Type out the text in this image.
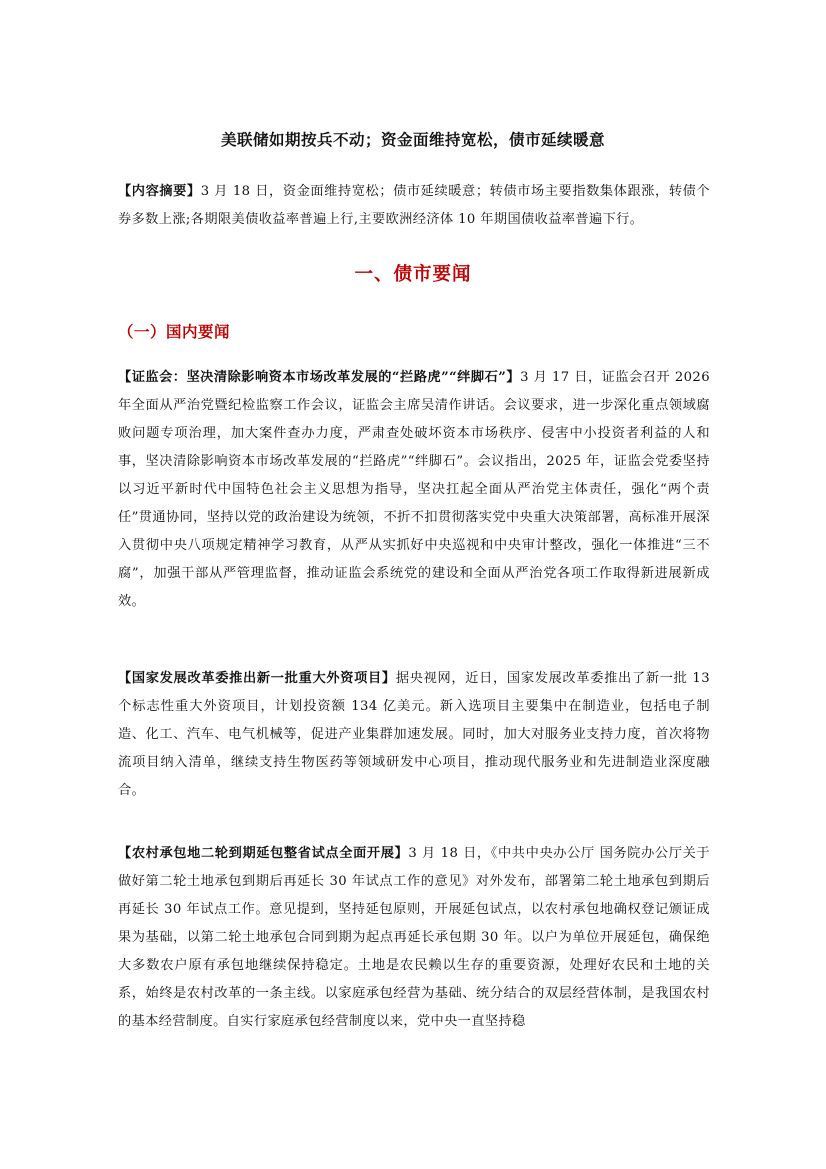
美联储如期按兵不动；资金面维持宽松，债市延续暖意
【内容摘要】3 月 18 日，资金面维持宽松；债市延续暖意；转债市场主要指数集体跟涨，转债个券多数上涨;各期限美债收益率普遍上行,主要欧洲经济体 10 年期国债收益率普遍下行。
一、债市要闻
（一）国内要闻
【证监会：坚决清除影响资本市场改革发展的“拦路虎”“绊脚石”】3 月 17 日，证监会召开 2026 年全面从严治党暨纪检监察工作会议，证监会主席吴清作讲话。会议要求，进一步深化重点领域腐败问题专项治理，加大案件查办力度，严肃查处破坏资本市场秩序、侵害中小投资者利益的人和事，坚决清除影响资本市场改革发展的“拦路虎”“绊脚石”。会议指出，2025 年，证监会党委坚持以习近平新时代中国特色社会主义思想为指导，坚决扛起全面从严治党主体责任，强化“两个责任”贯通协同，坚持以党的政治建设为统领，不折不扣贯彻落实党中央重大决策部署，高标准开展深入贯彻中央八项规定精神学习教育，从严从实抓好中央巡视和中央审计整改，强化一体推进“三不腐”，加强干部从严管理监督，推动证监会系统党的建设和全面从严治党各项工作取得新进展新成效。
【国家发展改革委推出新一批重大外资项目】据央视网，近日，国家发展改革委推出了新一批 13 个标志性重大外资项目，计划投资额 134 亿美元。新入选项目主要集中在制造业，包括电子制造、化工、汽车、电气机械等，促进产业集群加速发展。同时，加大对服务业支持力度，首次将物流项目纳入清单，继续支持生物医药等领域研发中心项目，推动现代服务业和先进制造业深度融合。
【农村承包地二轮到期延包整省试点全面开展】3 月 18 日，《中共中央办公厅 国务院办公厅关于做好第二轮土地承包到期后再延长 30 年试点工作的意见》对外发布，部署第二轮土地承包到期后再延长 30 年试点工作。意见提到，坚持延包原则，开展延包试点，以农村承包地确权登记颁证成果为基础，以第二轮土地承包合同到期为起点再延长承包期 30 年。以户为单位开展延包，确保绝大多数农户原有承包地继续保持稳定。土地是农民赖以生存的重要资源，处理好农民和土地的关系，始终是农村改革的一条主线。以家庭承包经营为基础、统分结合的双层经营体制，是我国农村的基本经营制度。自实行家庭承包经营制度以来，党中央一直坚持稳
